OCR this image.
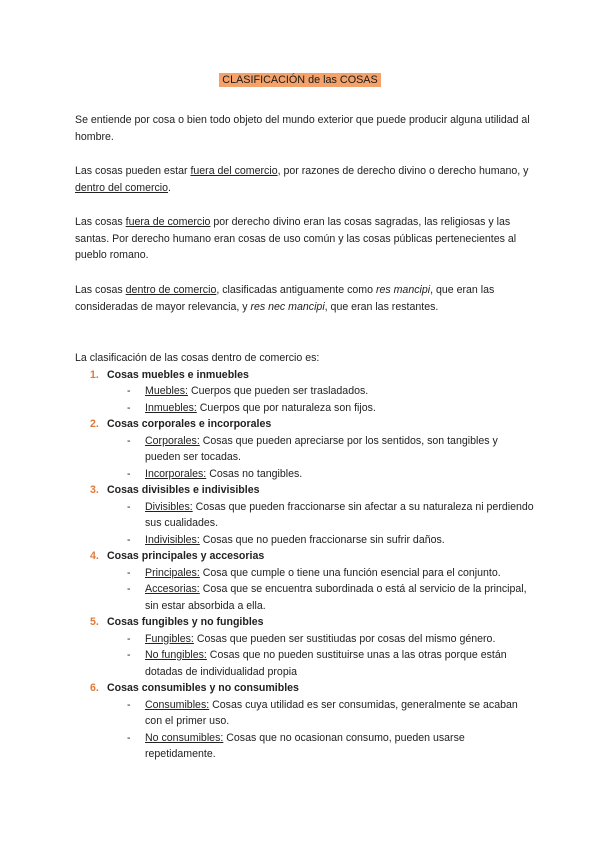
CLASIFICACIÓN de las COSAS
Se entiende por cosa o bien todo objeto del mundo exterior que puede producir alguna utilidad al hombre.
Las cosas pueden estar fuera del comercio, por razones de derecho divino o derecho humano, y dentro del comercio.
Las cosas fuera de comercio por derecho divino eran las cosas sagradas, las religiosas y las santas. Por derecho humano eran cosas de uso común y las cosas públicas pertenecientes al pueblo romano.
Las cosas dentro de comercio, clasificadas antiguamente como res mancipi, que eran las consideradas de mayor relevancia, y res nec mancipi, que eran las restantes.
La clasificación de las cosas dentro de comercio es:
1. Cosas muebles e inmuebles
- Muebles: Cuerpos que pueden ser trasladados.
- Inmuebles: Cuerpos que por naturaleza son fijos.
2. Cosas corporales e incorporales
- Corporales: Cosas que pueden apreciarse por los sentidos, son tangibles y pueden ser tocadas.
- Incorporales: Cosas no tangibles.
3. Cosas divisibles e indivisibles
- Divisibles: Cosas que pueden fraccionarse sin afectar a su naturaleza ni perdiendo sus cualidades.
- Indivisibles: Cosas que no pueden fraccionarse sin sufrir daños.
4. Cosas principales y accesorias
- Principales: Cosa que cumple o tiene una función esencial para el conjunto.
- Accesorias: Cosa que se encuentra subordinada o está al servicio de la principal, sin estar absorbida a ella.
5. Cosas fungibles y no fungibles
- Fungibles: Cosas que pueden ser sustitiudas por cosas del mismo género.
- No fungibles: Cosas que no pueden sustituirse unas a las otras porque están dotadas de individualidad propia
6. Cosas consumibles y no consumibles
- Consumibles: Cosas cuya utilidad es ser consumidas, generalmente se acaban con el primer uso.
- No consumibles: Cosas que no ocasionan consumo, pueden usarse repetidamente.
